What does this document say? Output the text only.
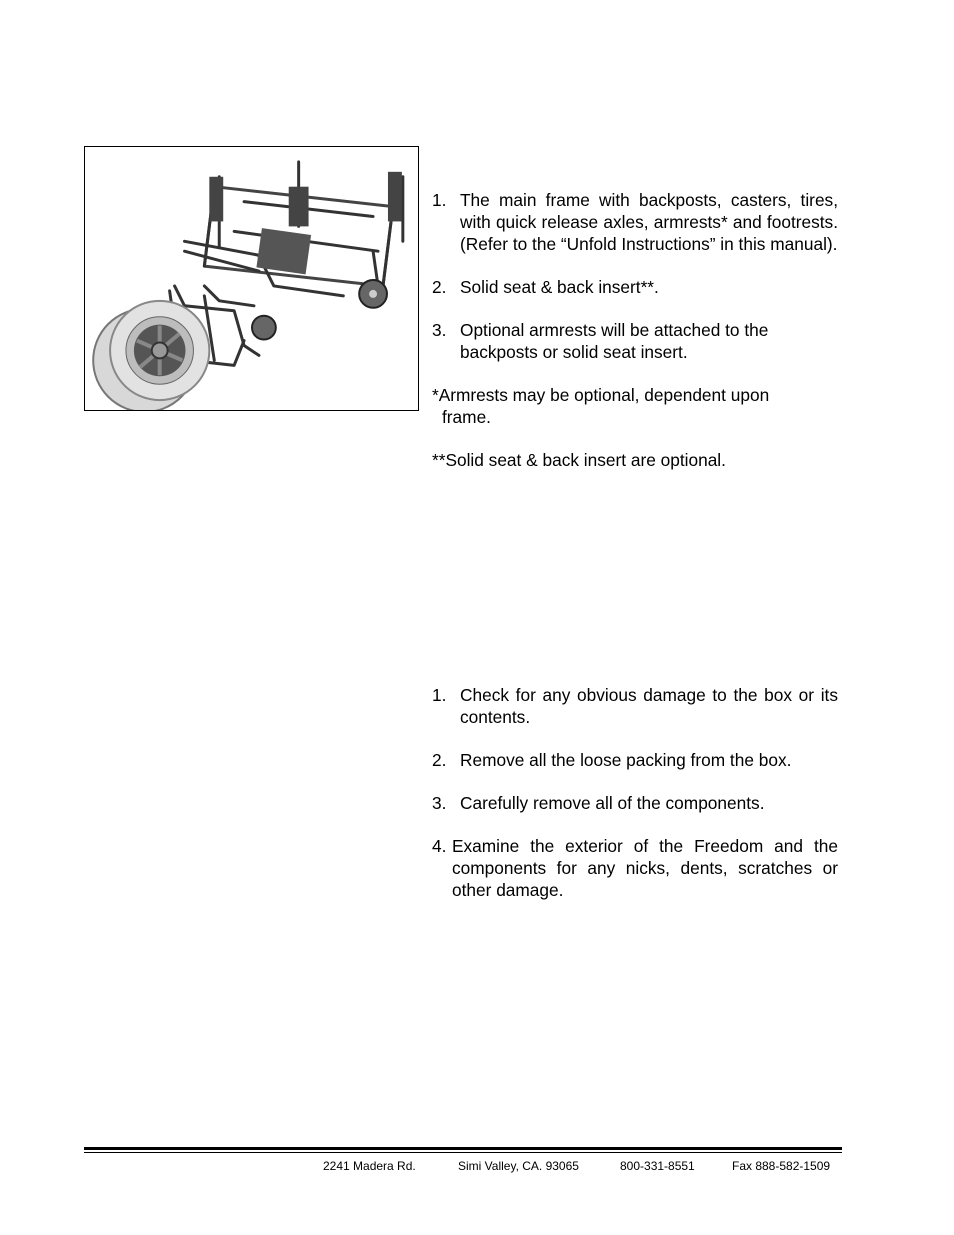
1. The main frame with backposts, casters, tires, with quick release axles, armrests* and footrests. (Refer to the “Unfold Instructions” in this manual).
2. Solid seat & back insert**.
3. Optional armrests will be attached to the backposts or solid seat insert.
*Armrests may be optional, dependent upon frame.
**Solid seat & back insert are optional.
1. Check for any obvious damage to the box or its contents.
2. Remove all the loose packing from the box.
3. Carefully remove all of the components.
4. Examine the exterior of the Freedom and the components for any nicks, dents, scratches or other damage.
2241 Madera Rd.	Simi Valley, CA. 93065	800-331-8551	Fax 888-582-1509
